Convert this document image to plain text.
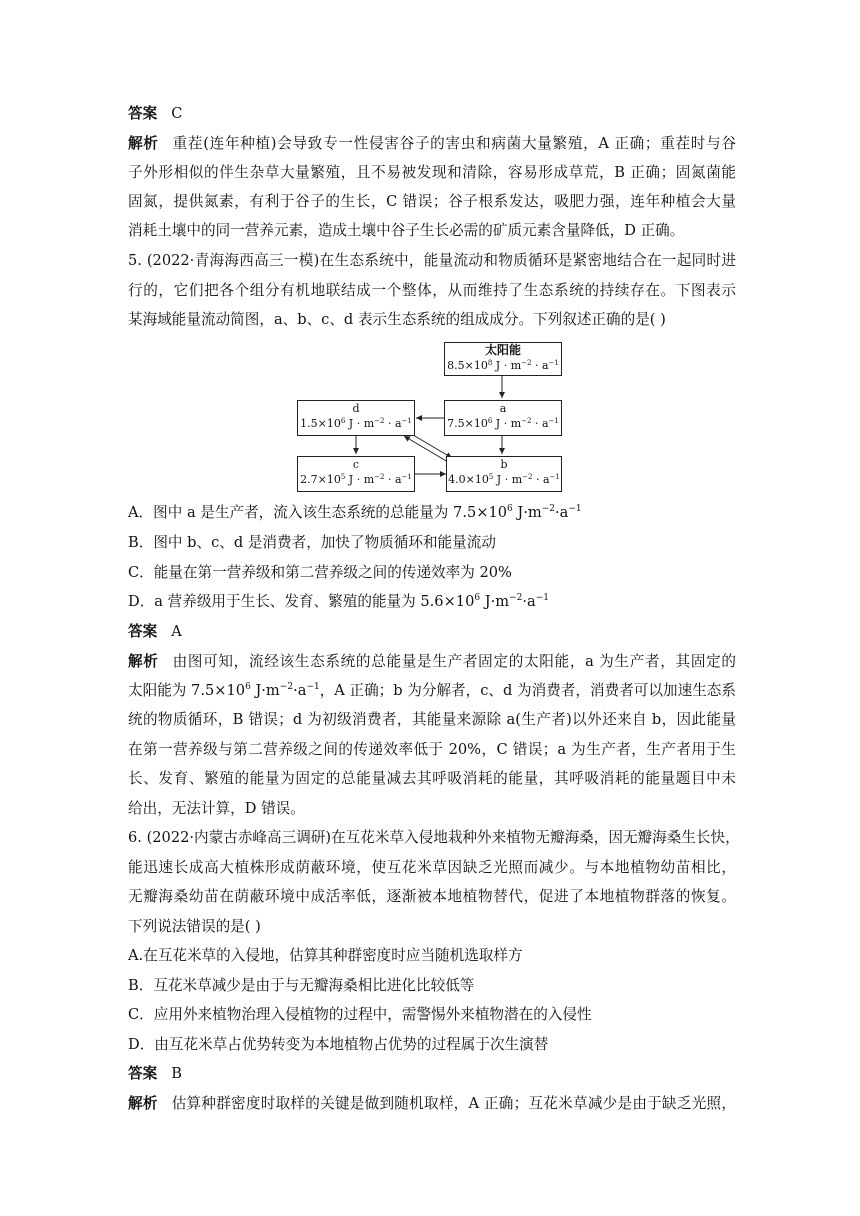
答案 C
解析 重茬(连年种植)会导致专一性侵害谷子的害虫和病菌大量繁殖，A 正确；重茬时与谷
子外形相似的伴生杂草大量繁殖，且不易被发现和清除，容易形成草荒，B 正确；固氮菌能
固氮，提供氮素，有利于谷子的生长，C 错误；谷子根系发达，吸肥力强，连年种植会大量
消耗土壤中的同一营养元素，造成土壤中谷子生长必需的矿质元素含量降低，D 正确。
5. (2022·青海海西高三一模)在生态系统中，能量流动和物质循环是紧密地结合在一起同时进
行的，它们把各个组分有机地联结成一个整体，从而维持了生态系统的持续存在。下图表示
某海域能量流动简图，a、b、c、d 表示生态系统的组成成分。下列叙述正确的是( )
太阳能
$8.5\times 10^8$ $J \cdot m^{-2} \cdot a^{-1}$
a
$7.5\times 10^6$ $J \cdot m^{-2} \cdot a^{-1}$
d
$1.5\times 10^6$ $J \cdot m^{-2} \cdot a^{-1}$
c
$2.7\times 10^5$ $J \cdot m^{-2} \cdot a^{-1}$
b
$4.0\times 10^5$ $J \cdot m^{-2} \cdot a^{-1}$
A．图中 a 是生产者，流入该生态系统的总能量为 $7.5\times 10^6$ $J\cdot m^{-2}\cdot a^{-1}$
B．图中 b、c、d 是消费者，加快了物质循环和能量流动
C．能量在第一营养级和第二营养级之间的传递效率为 20%
D．a 营养级用于生长、发育、繁殖的能量为 $5.6\times 10^6$ $J\cdot m^{-2}\cdot a^{-1}$
答案 A
解析 由图可知，流经该生态系统的总能量是生产者固定的太阳能，a 为生产者，其固定的
太阳能为 $7.5\times 10^6$ $J\cdot m^{-2}\cdot a^{-1}$，A 正确；b 为分解者，c、d 为消费者，消费者可以加速生态系
统的物质循环，B 错误；d 为初级消费者，其能量来源除 a(生产者)以外还来自 b，因此能量
在第一营养级与第二营养级之间的传递效率低于 20%，C 错误；a 为生产者，生产者用于生
长、发育、繁殖的能量为固定的总能量减去其呼吸消耗的能量，其呼吸消耗的能量题目中未
给出，无法计算，D 错误。
6. (2022·内蒙古赤峰高三调研)在互花米草入侵地栽种外来植物无瓣海桑，因无瓣海桑生长快，
能迅速长成高大植株形成荫蔽环境，使互花米草因缺乏光照而减少。与本地植物幼苗相比，
无瓣海桑幼苗在荫蔽环境中成活率低，逐渐被本地植物替代，促进了本地植物群落的恢复。
下列说法错误的是( )
A.在互花米草的入侵地，估算其种群密度时应当随机选取样方
B．互花米草减少是由于与无瓣海桑相比进化比较低等
C．应用外来植物治理入侵植物的过程中，需警惕外来植物潜在的入侵性
D．由互花米草占优势转变为本地植物占优势的过程属于次生演替
答案 B
解析 估算种群密度时取样的关键是做到随机取样，A 正确；互花米草减少是由于缺乏光照，
